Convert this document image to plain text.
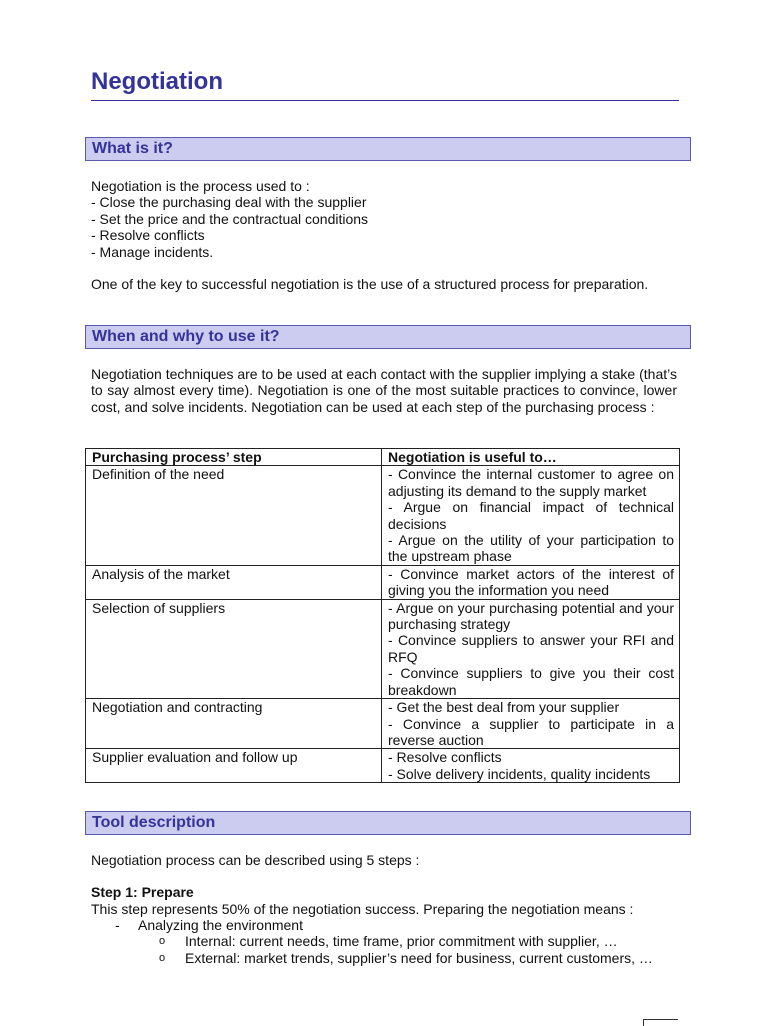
Negotiation
What is it?

Negotiation is the process used to :
- Close the purchasing deal with the supplier
- Set the price and the contractual conditions
- Resolve conflicts
- Manage incidents.

One of the key to successful negotiation is the use of a structured process for preparation.

When and why to use it?

Negotiation techniques are to be used at each contact with the supplier implying a stake (that’s to say almost every time). Negotiation is one of the most suitable practices to convince, lower cost, and solve incidents. Negotiation can be used at each step of the purchasing process :

Purchasing process’ step	Negotiation is useful to…
Definition of the need	- Convince the internal customer to agree on adjusting its demand to the supply market
- Argue on financial impact of technical decisions
- Argue on the utility of your participation to the upstream phase

Analysis of the market	- Convince market actors of the interest of giving you the information you need

Selection of suppliers	- Argue on your purchasing potential and your purchasing strategy
- Convince suppliers to answer your RFI and RFQ
- Convince suppliers to give you their cost breakdown

Negotiation and contracting	- Get the best deal from your supplier
- Convince a supplier to participate in a reverse auction

Supplier evaluation and follow up	- Resolve conflicts
- Solve delivery incidents, quality incidents
Tool description

Negotiation process can be described using 5 steps :

Step 1: Prepare

This step represents 50% of the negotiation success. Preparing the negotiation means :

- Analyzing the environment
o Internal: current needs, time frame, prior commitment with supplier, …
o External: market trends, supplier’s need for business, current customers, …
